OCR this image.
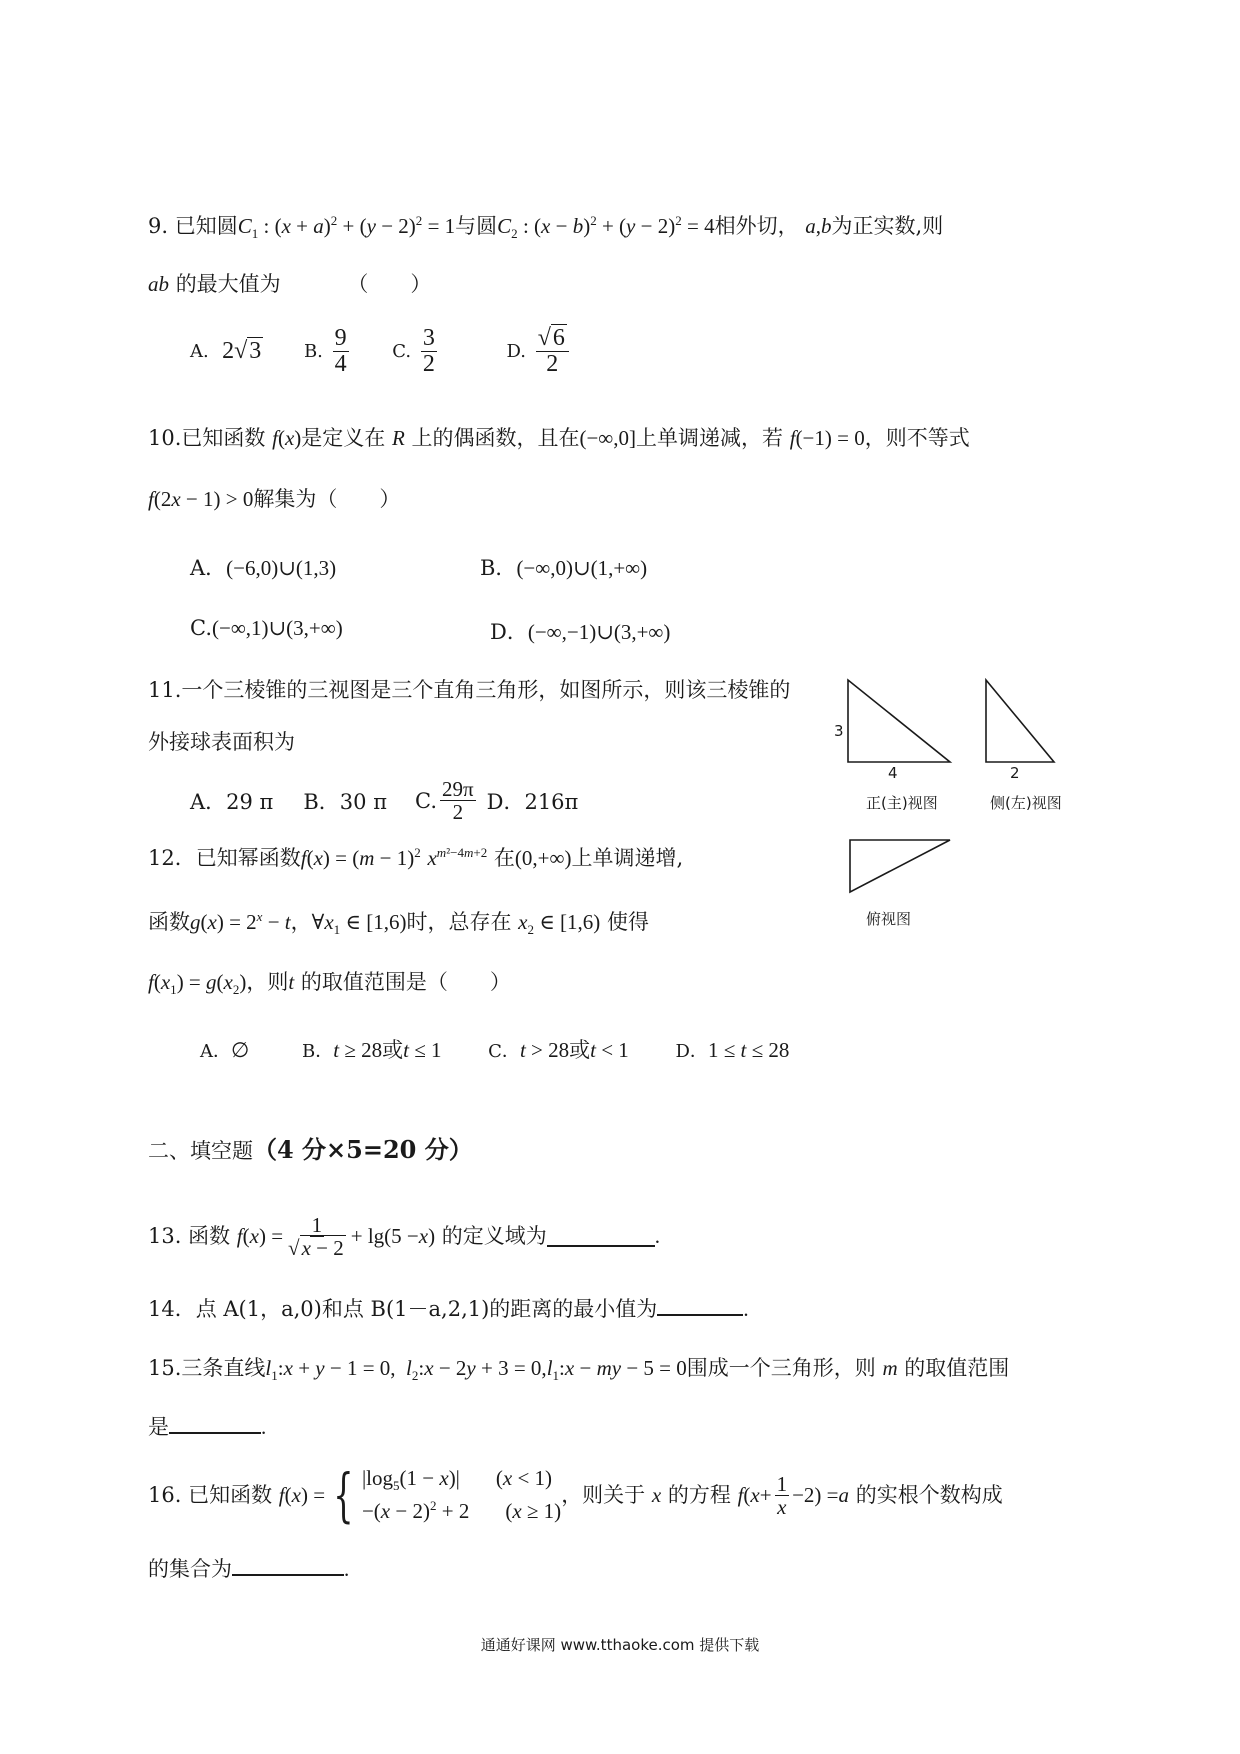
9. 已知圆$C_1$ : $(x + a)^2 + (y - 2)^2 = 1$与圆$C_2$ : $(x - b)^2 + (y - 2)^2 = 4$相外切， a,b为正实数,则
ab 的最大值为	（　　）
A.
2√3
B.
$\frac{9}{4}$
C.
$\frac{3}{2}$
	D.
$\frac{√6}{2}$
10.已知函数 f(x)是定义在 R 上的偶函数，且在(−∞,0]上单调递减，若 f(−1) = 0，则不等式
f(2x − 1) > 0解集为（　　）
A．(−6,0)∪(1,3)	B．(−∞,0)∪(1,+∞)
C.(−∞,1)∪(3,+∞)	D．(−∞,−1)∪(3,+∞)
11.一个三棱锥的三视图是三个直角三角形，如图所示，则该三棱锥的
外接球表面积为
A．29 π B．30 π C. $\frac{29\pi}{2}$ D．216π
3
4	2
正(主)视图	侧(左)视图
俯视图
12．已知幂函数$f(x) = (m - 1)^2$ $x^{m^2-4m+2}$ 在(0,+∞)上单调递增,
函数$g(x) = 2^x - t$，$\forall x_1$ ∈ [1,6)时，总存在 $x_2$ ∈ [1,6) 使得
$f(x_1) = g(x_2)$，则t 的取值范围是（　　）
A．∅	B．t ≥ 28或t ≤ 1	C．t > 28或t < 1	D．1 ≤ t ≤ 28
二、填空题（4 分×5=20 分）
13.
函数
f ( x ) = $\frac{1}{√x - 2} + \lg(5 - x$ )
的定义域为	.
14．点 A(1，a,0)和点 B(1－a,2,1)的距离的最小值为	.
15.三条直线$l_1:x + y - 1 = 0$,  $l_2:x - 2y + 3$ = $0,l_1:x$ − my − 5 = 0围成一个三角形，则 m 的取值范围
是	.
16.
已知函数
f ( x ) = { $|\log_5(1 - x)|$ (x < 1)
$-(x - 2)^2 + 2$ (x ≥ 1)
，则关于
x
的方程
f ( $x + \frac{1}{x} -2) = a$
的实根个数构成
的集合为	.
通通好课网 www.tthaoke.com 提供下载
